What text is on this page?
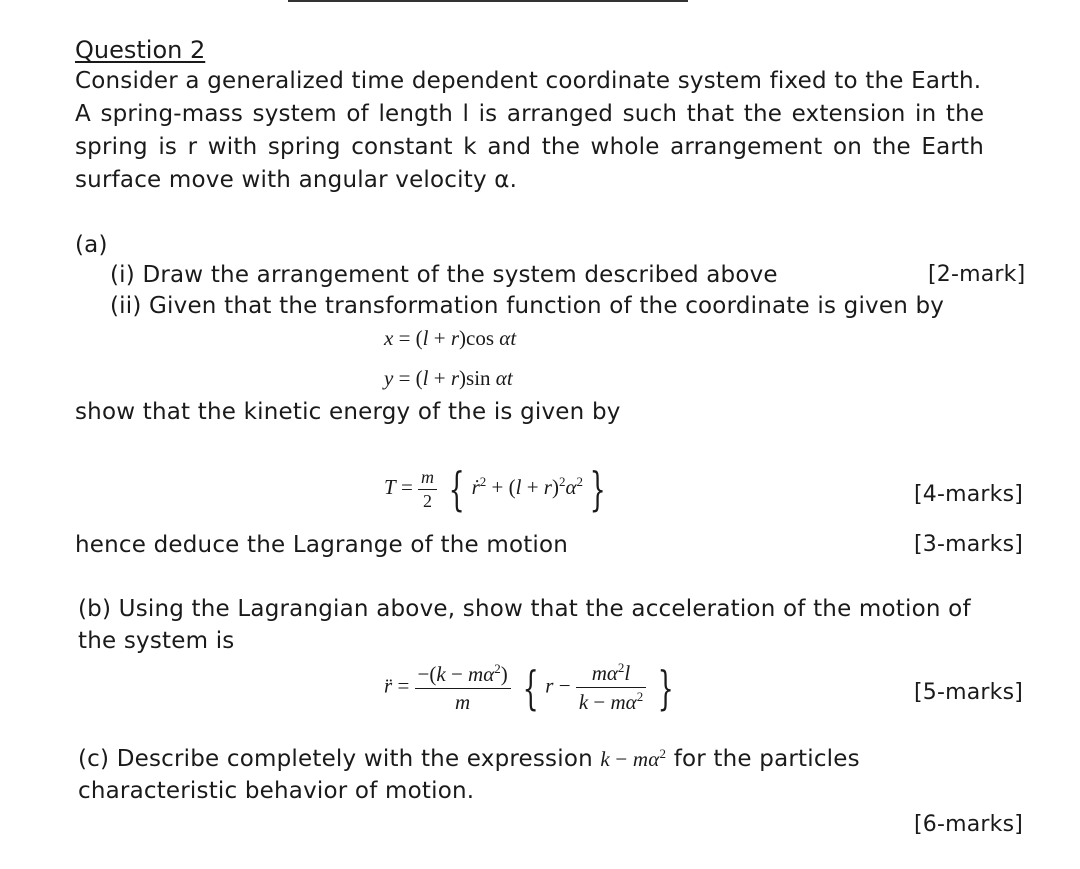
Question 2
Consider a generalized time dependent coordinate system fixed to the Earth.
A spring-mass system of length l is arranged such that the extension in the
spring is r with spring constant k and the whole arrangement on the Earth
surface move with angular velocity α.
(a)
(i) Draw the arrangement of the system described above	[2-mark]
(ii) Given that the transformation function of the coordinate is given by
x = (l + r)cos αt
y = (l + r)sin αt
show that the kinetic energy of the is given by
$T = \frac{m}{2}$ { ṙ$^2$ + $(l + r)^2\alpha^2$ }	[4-marks]
hence deduce the Lagrange of the motion	[3-marks]
(b) Using the Lagrangian above, show that the acceleration of the motion of
the system is
r̈ = $\frac{-(k - m\alpha^2)}{m}$ { $r - \frac{m\alpha^2l}{k - m\alpha^2}$ }	[5-marks]
(c) Describe completely with the expression $k - m\alpha^2$ for the particles
characteristic behavior of motion.
[6-marks]
